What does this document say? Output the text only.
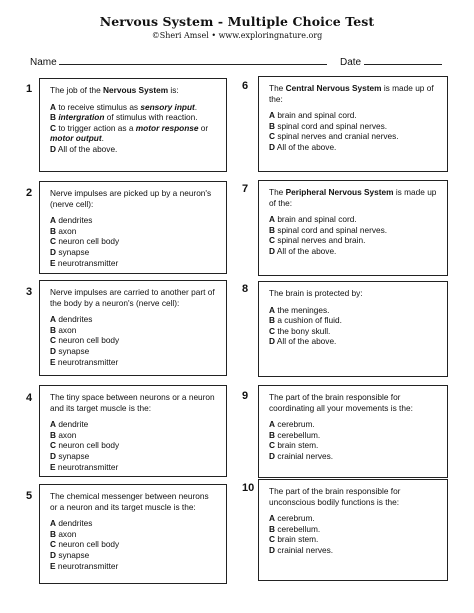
Nervous System - Multiple Choice Test
©Sheri Amsel • www.exploringnature.org
Name	Date
1 The job of the Nervous System is:
A to receive stimulus as sensory input.
B intergration of stimulus with reaction.
C to trigger action as a motor response or
motor output.
D All of the above.
2 Nerve impulses are picked up by a neuron's (nerve cell):
A dendrites
B axon
C neuron cell body
D synapse
E neurotransmitter
3 Nerve impulses are carried to another part of the body by a neuron's (nerve cell):
A dendrites
B axon
C neuron cell body
D synapse
E neurotransmitter
4 The tiny space between neurons or a neuron and its target muscle is the:
A dendrite
B axon
C neuron cell body
D synapse
E neurotransmitter
5 The chemical messenger between neurons or a neuron and its target muscle is the:
A dendrites
B axon
C neuron cell body
D synapse
E neurotransmitter
6	The Central Nervous System is made up of the:
A brain and spinal cord.
B spinal cord and spinal nerves.
C spinal nerves and cranial nerves.
D All of the above.
7	The Peripheral Nervous System is made up of the:
A brain and spinal cord.
B spinal cord and spinal nerves.
C spinal nerves and brain.
D All of the above.
8	The brain is protected by:
A the meninges.
B a cushion of fluid.
C the bony skull.
D All of the above.
9	The part of the brain responsible for coordinating all your movements is the:
A cerebrum.
B cerebellum.
C brain stem.
D crainial nerves.
10 The part of the brain responsible for unconscious bodily functions is the:
A cerebrum.
B cerebellum.
C brain stem.
D crainial nerves.
